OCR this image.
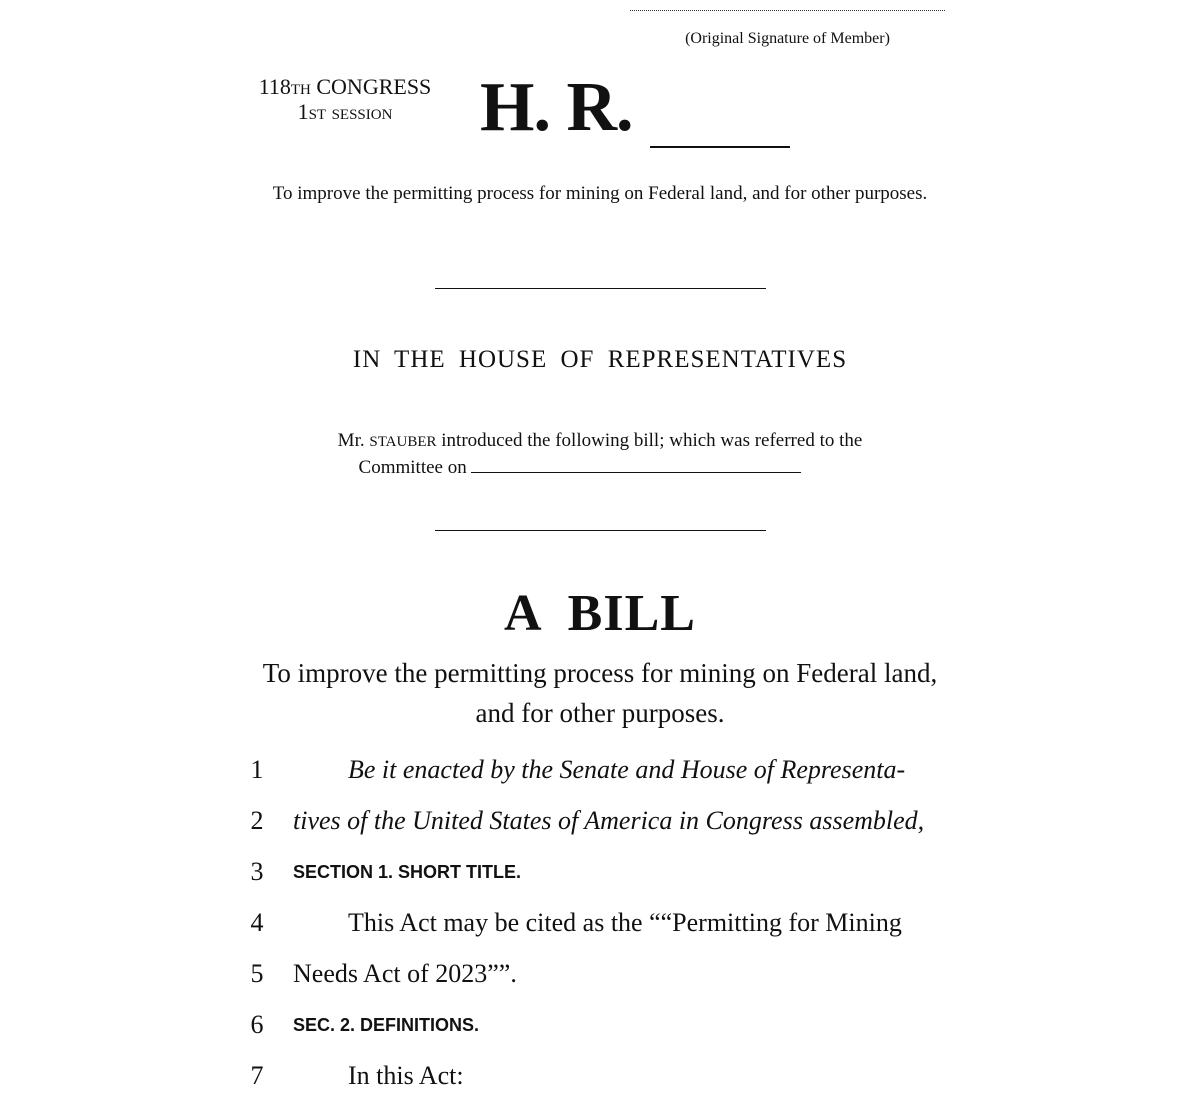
(Original Signature of Member)
118TH CONGRESS
1ST SESSION	H. R.
To improve the permitting process for mining on Federal land, and for other purposes.
IN THE HOUSE OF REPRESENTATIVES
Mr. STAUBER introduced the following bill; which was referred to the
Committee on
A BILL
To improve the permitting process for mining on Federal land, and for other purposes.
1	Be it enacted by the Senate and House of Representa-
2	tives of the United States of America in Congress assembled,
3	SECTION 1. SHORT TITLE.
4	This Act may be cited as the ““Permitting for Mining
5	Needs Act of 2023””.
6	SEC. 2. DEFINITIONS.
7	In this Act:
